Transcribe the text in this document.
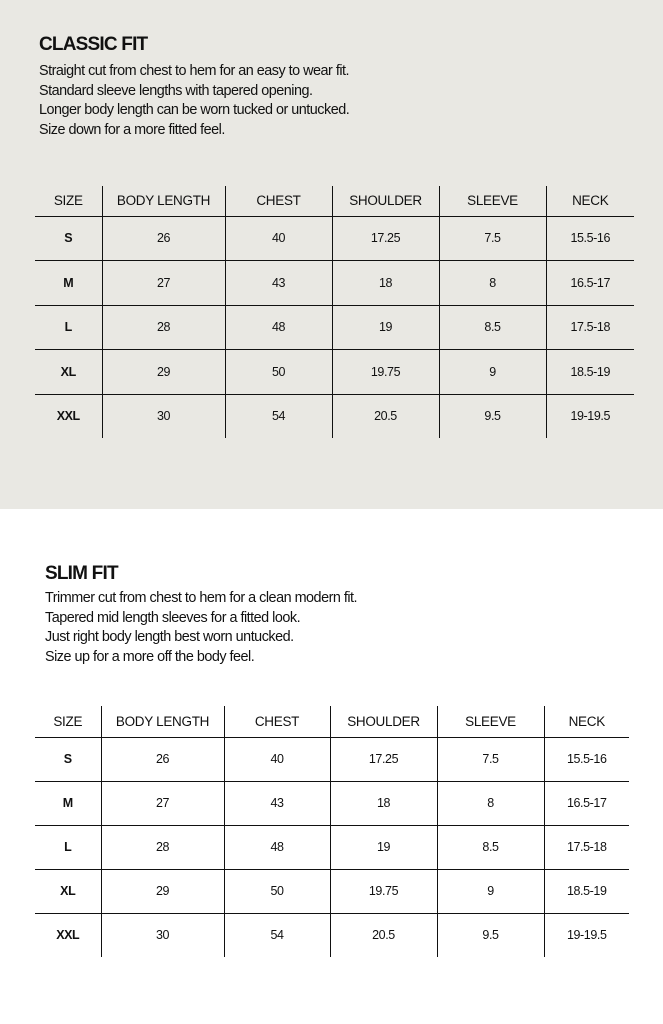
CLASSIC FIT
Straight cut from chest to hem for an easy to wear fit.
Standard sleeve lengths with tapered opening.
Longer body length can be worn tucked or untucked.
Size down for a more fitted feel.
SIZE	BODY LENGTH	CHEST	SHOULDER	SLEEVE	NECK
S	26	40	17.25	7.5	15.5-16
M	27	43	18	8	16.5-17
L	28	48	19	8.5	17.5-18
XL	29	50	19.75	9	18.5-19
XXL	30	54	20.5	9.5	19-19.5
SLIM FIT
Trimmer cut from chest to hem for a clean modern fit.
Tapered mid length sleeves for a fitted look.
Just right body length best worn untucked.
Size up for a more off the body feel.
SIZE	BODY LENGTH	CHEST	SHOULDER	SLEEVE	NECK
S	26	40	17.25	7.5	15.5-16
M	27	43	18	8	16.5-17
L	28	48	19	8.5	17.5-18
XL	29	50	19.75	9	18.5-19
XXL	30	54	20.5	9.5	19-19.5
